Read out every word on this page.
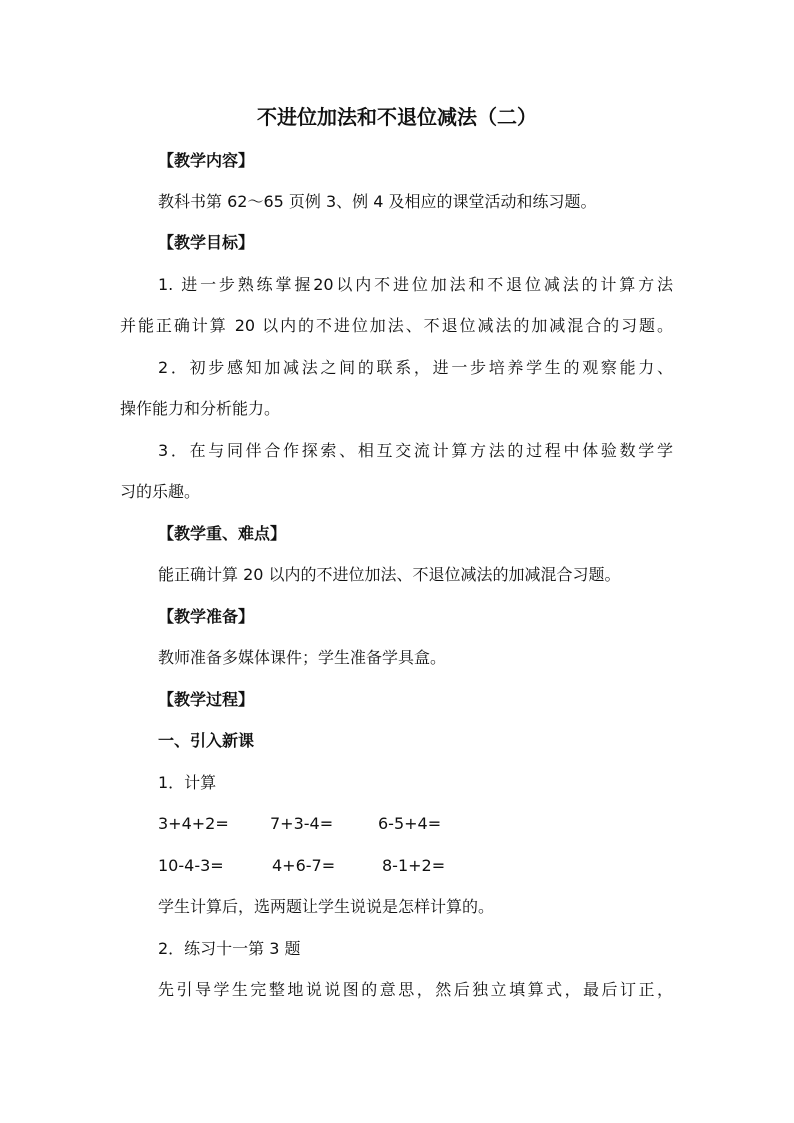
不进位加法和不退位减法（二）
【教学内容】
教科书第 62～65 页例 3、例 4 及相应的课堂活动和练习题。
【教学目标】
1. 进一步熟练掌握20以内不进位加法和不退位减法的计算方法
并能正确计算 20 以内的不进位加法、不退位减法的加减混合的习题。
2．初步感知加减法之间的联系，进一步培养学生的观察能力、
操作能力和分析能力。
3．在与同伴合作探索、相互交流计算方法的过程中体验数学学
习的乐趣。
【教学重、难点】
能正确计算 20 以内的不进位加法、不退位减法的加减混合习题。
【教学准备】
教师准备多媒体课件；学生准备学具盒。
【教学过程】
一、引入新课
1．计算
3+4+2=	7+3-4=	6-5+4=
10-4-3=	4+6-7=	8-1+2=
学生计算后，选两题让学生说说是怎样计算的。
2．练习十一第 3 题
先引导学生完整地说说图的意思，然后独立填算式，最后订正，
